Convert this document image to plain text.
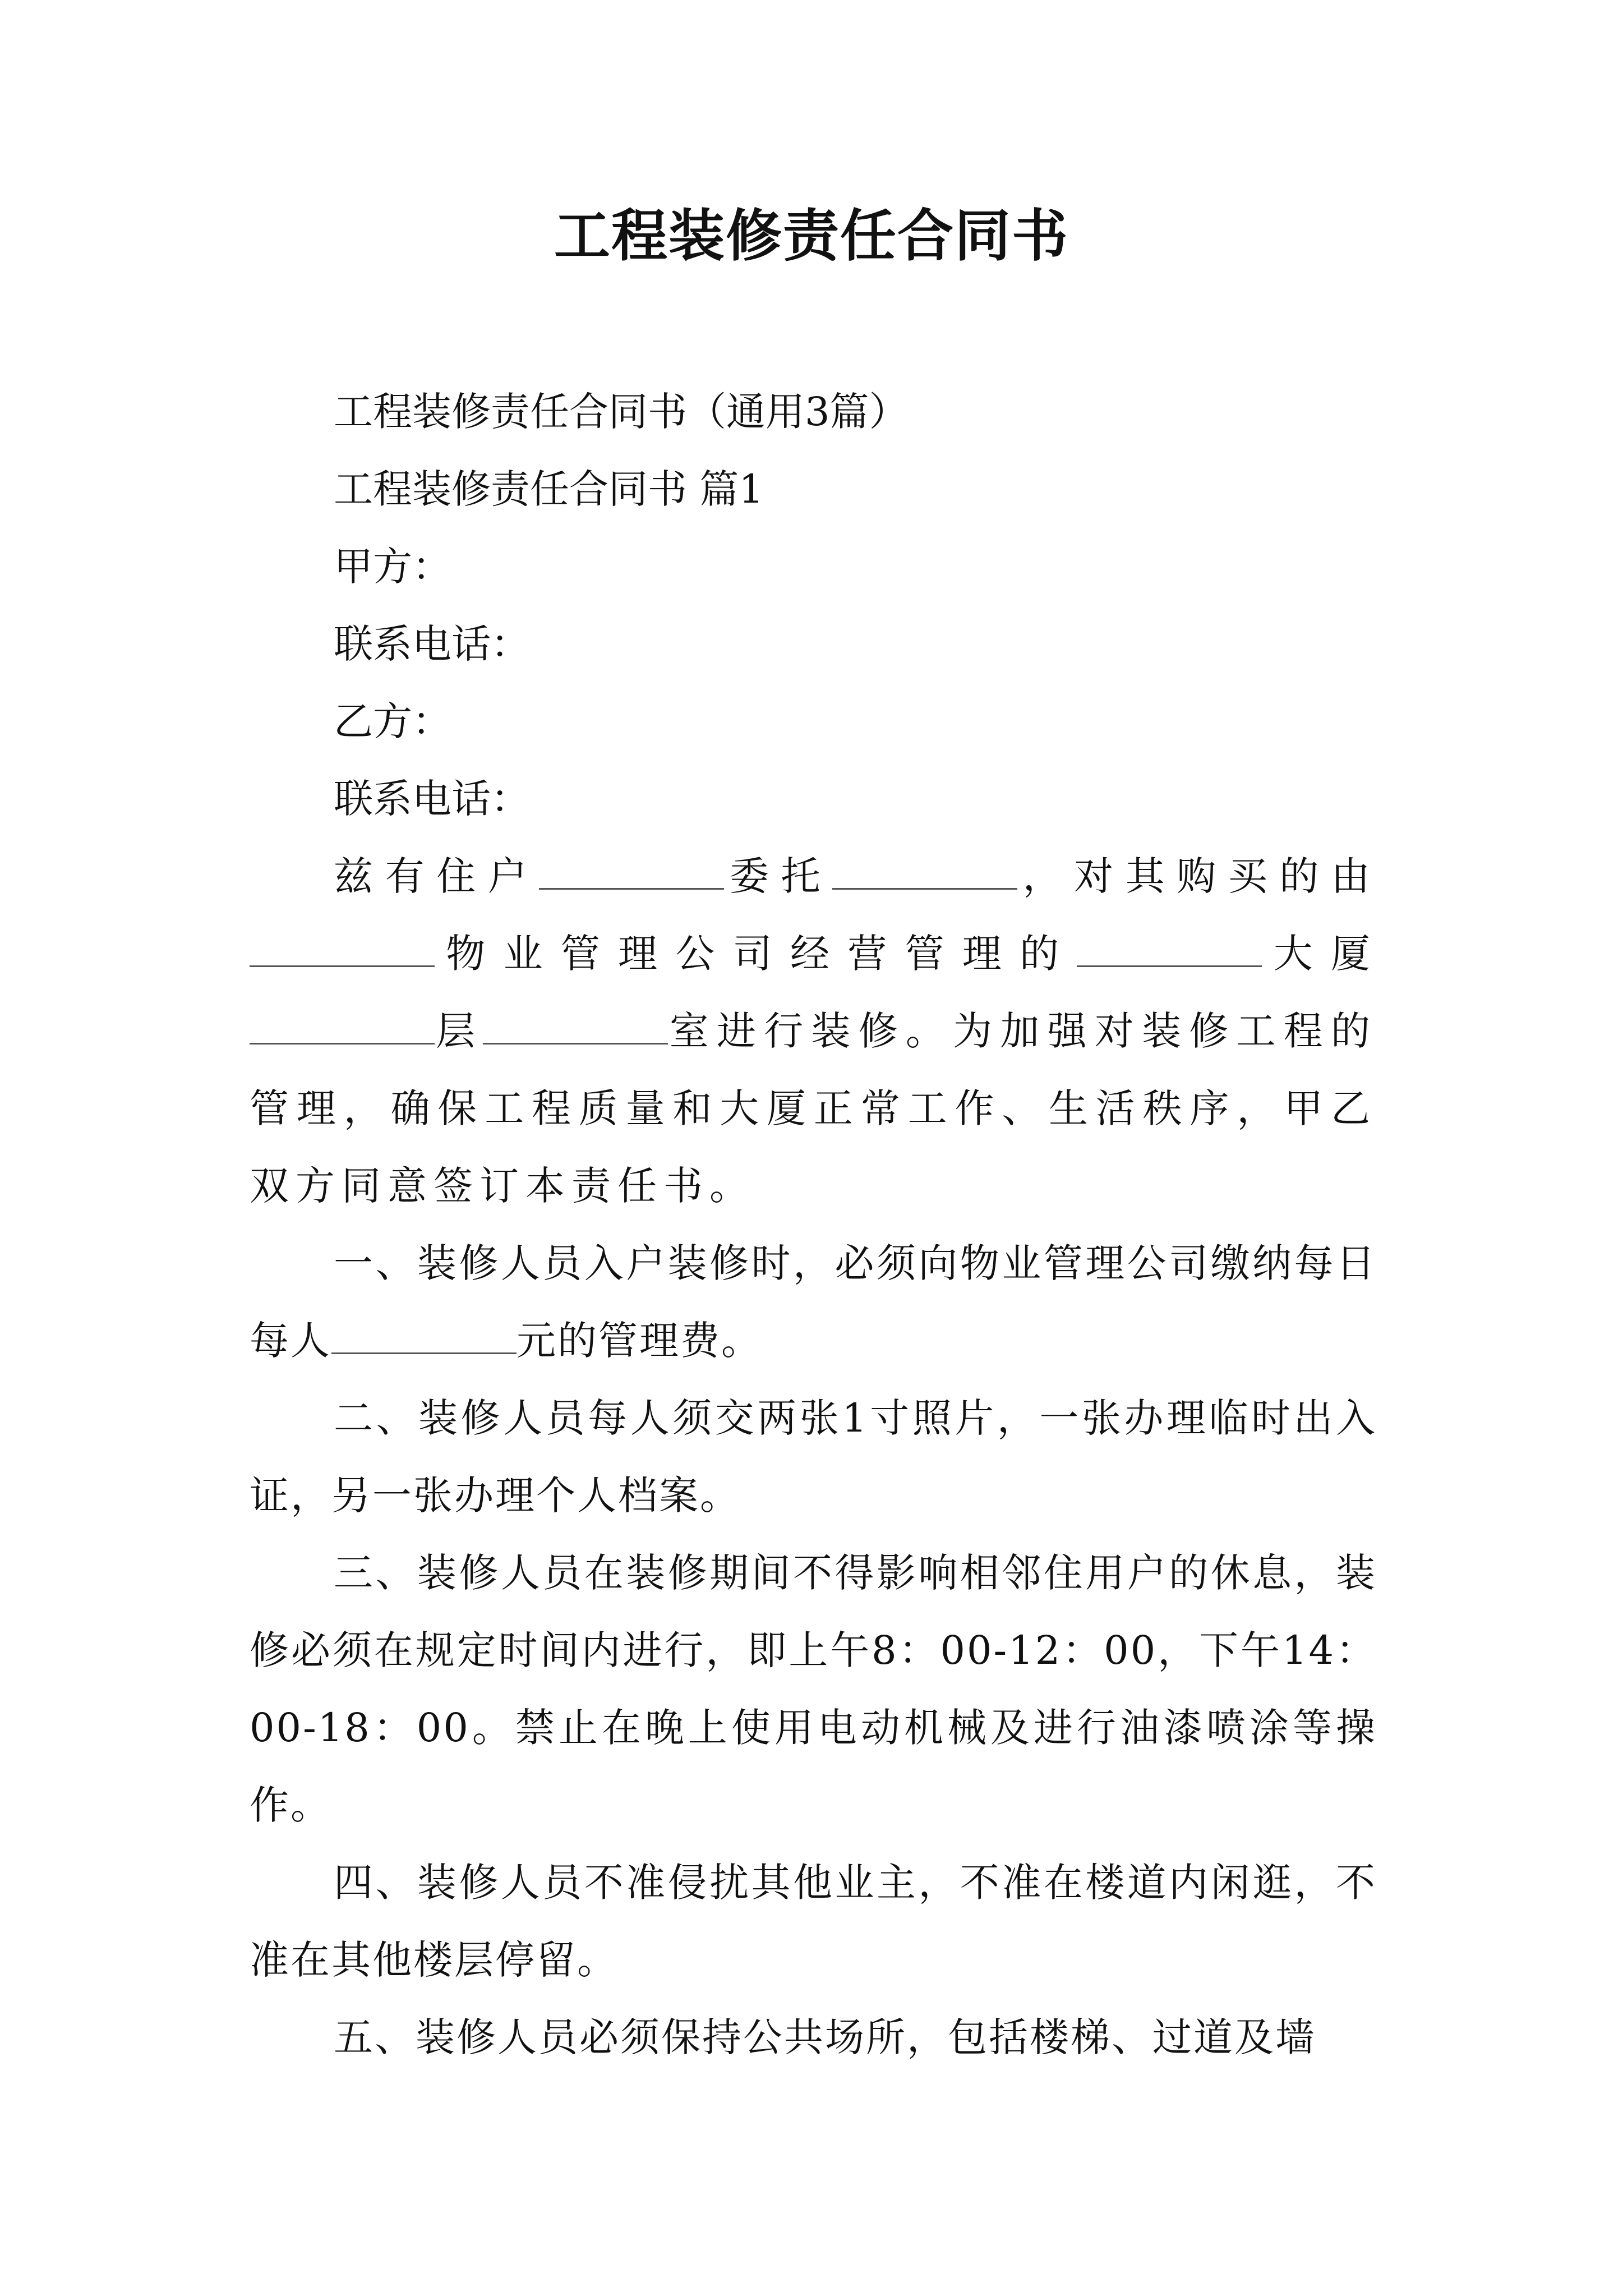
工程装修责任合同书

工程装修责任合同书（通用3篇）

工程装修责任合同书 篇1

甲方：

联系电话：

乙方：

联系电话：

兹有住户	委托	，对其购买的由物业管理公司经营管理的	大厦层	室进行装修。为加强对装修工程的管理，确保工程质量和大厦正常工作、生活秩序，甲乙双方同意签订本责任书。

一、装修人员入户装修时，必须向物业管理公司缴纳每日每人	元的管理费。

二、装修人员每人须交两张1寸照片，一张办理临时出入证，另一张办理个人档案。

三、装修人员在装修期间不得影响相邻住用户的休息，装修必须在规定时间内进行，即上午8：00-12：00，下午14：00-18：00。禁止在晚上使用电动机械及进行油漆喷涂等操作。

四、装修人员不准侵扰其他业主，不准在楼道内闲逛，不准在其他楼层停留。

五、装修人员必须保持公共场所，包括楼梯、过道及墙
